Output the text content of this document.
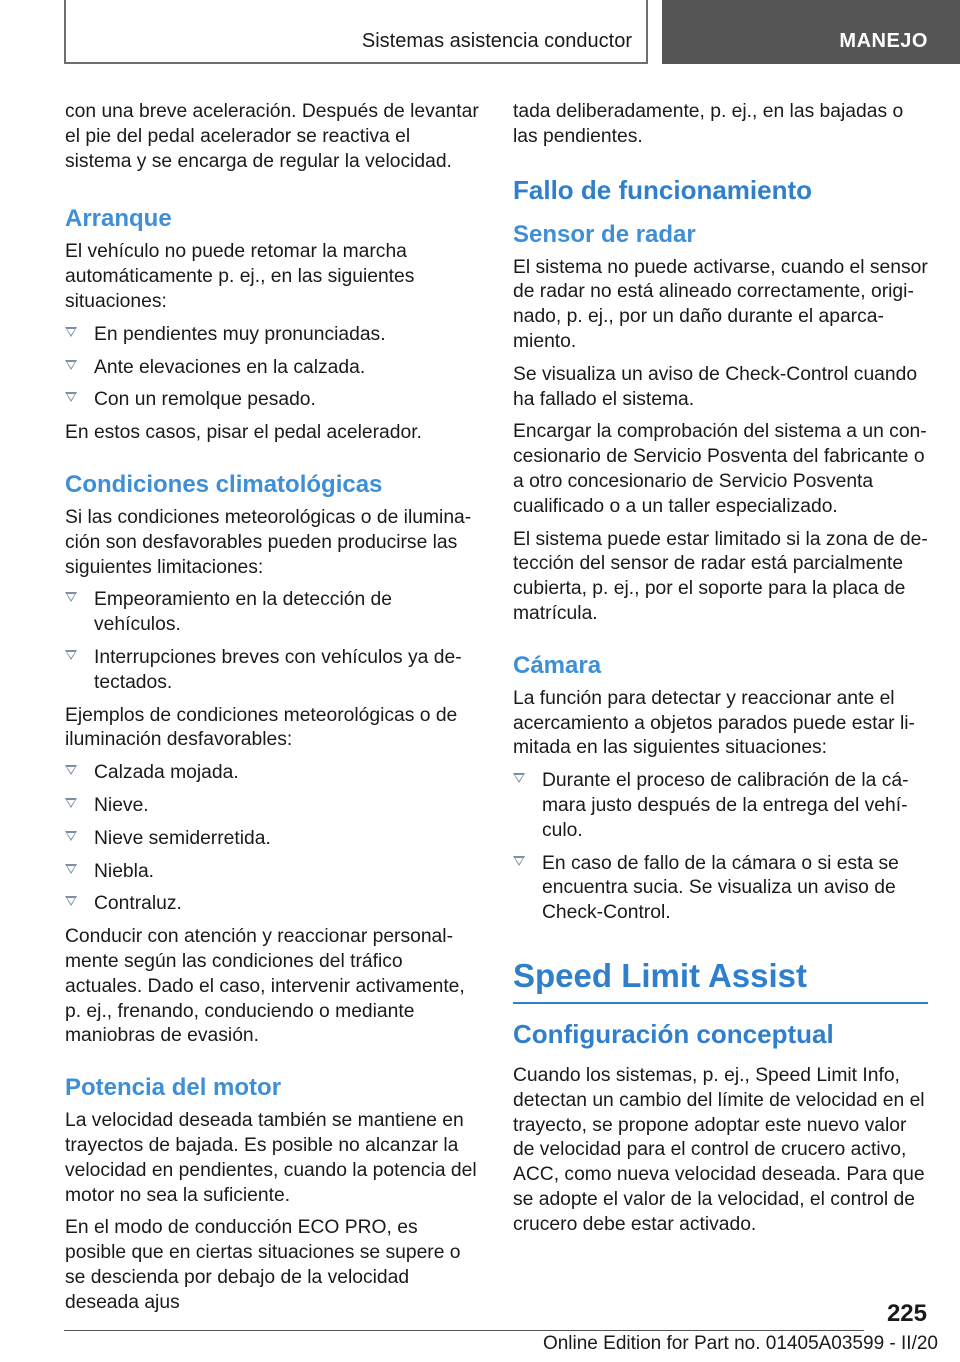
Sistemas asistencia conductor	MANEJO

con una breve aceleración. Después de levantar el pie del pedal acelerador se reactiva el sistema y se encarga de regular la velocidad.

Arranque

El vehículo no puede retomar la marcha automáticamente p. ej., en las siguientes situaciones:

En pendientes muy pronunciadas.
Ante elevaciones en la calzada.
Con un remolque pesado.

En estos casos, pisar el pedal acelerador.

Condiciones climatológicas

Si las condiciones meteorológicas o de iluminación son desfavorables pueden producirse las siguientes limitaciones:

Empeoramiento en la detección de vehículos.
Interrupciones breves con vehículos ya detectados.

Ejemplos de condiciones meteorológicas o de iluminación desfavorables:

Calzada mojada.
Nieve.
Nieve semiderretida.
Niebla.
Contraluz.

Conducir con atención y reaccionar personalmente según las condiciones del tráfico actuales. Dado el caso, intervenir activamente, p. ej., frenando, conduciendo o mediante maniobras de evasión.

Potencia del motor

La velocidad deseada también se mantiene en trayectos de bajada. Es posible no alcanzar la velocidad en pendientes, cuando la potencia del motor no sea la suficiente.

En el modo de conducción ECO PRO, es posible que en ciertas situaciones se supere o se descienda por debajo de la velocidad deseada ajus

tada deliberadamente, p. ej., en las bajadas o las pendientes.

Fallo de funcionamiento
Sensor de radar

El sistema no puede activarse, cuando el sensor de radar no está alineado correctamente, originado, p. ej., por un daño durante el aparcamiento.

Se visualiza un aviso de Check-Control cuando ha fallado el sistema.

Encargar la comprobación del sistema a un concesionario de Servicio Posventa del fabricante o a otro concesionario de Servicio Posventa cualificado o a un taller especializado.

El sistema puede estar limitado si la zona de detección del sensor de radar está parcialmente cubierta, p. ej., por el soporte para la placa de matrícula.

Cámara

La función para detectar y reaccionar ante el acercamiento a objetos parados puede estar limitada en las siguientes situaciones:

Durante el proceso de calibración de la cámara justo después de la entrega del vehículo.
En caso de fallo de la cámara o si esta se encuentra sucia. Se visualiza un aviso de Check-Control.
Speed Limit Assist
Configuración conceptual

Cuando los sistemas, p. ej., Speed Limit Info, detectan un cambio del límite de velocidad en el trayecto, se propone adoptar este nuevo valor de velocidad para el control de crucero activo, ACC, como nueva velocidad deseada. Para que se adopte el valor de la velocidad, el control de crucero debe estar activado.

225
Online Edition for Part no. 01405A03599 - II/20
